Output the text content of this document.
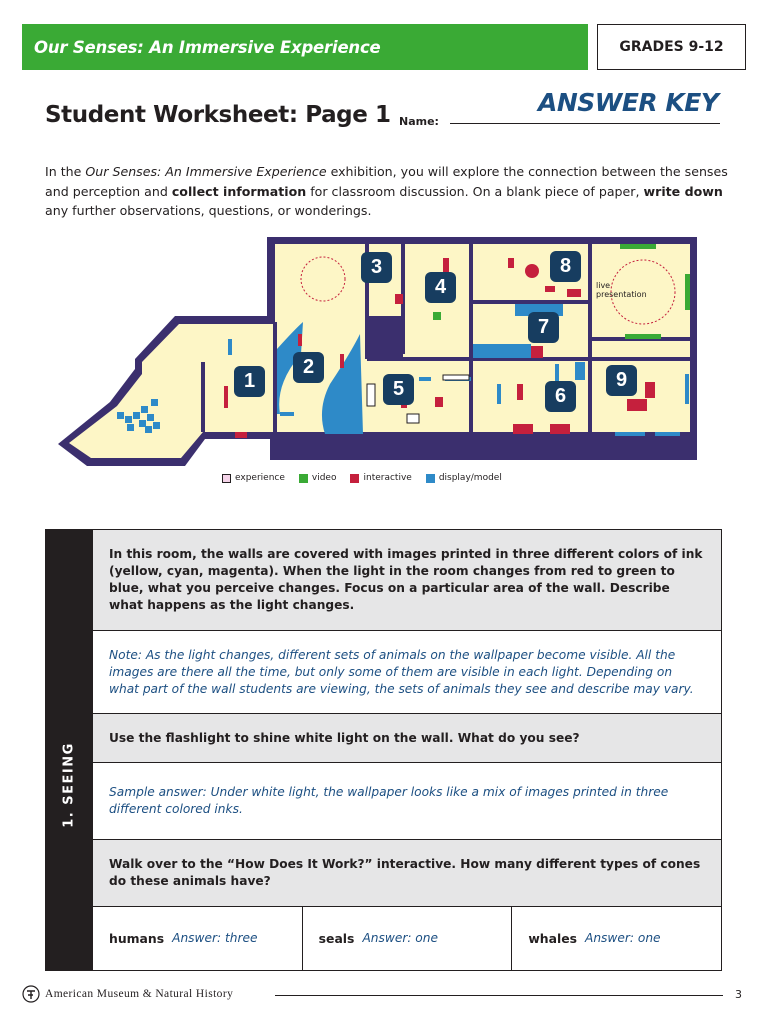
Our Senses: An Immersive Experience	GRADES 9-12
Student Worksheet: Page 1 Name:
ANSWER KEY
In the Our Senses: An Immersive Experience exhibition, you will explore the connection between the senses and perception and collect information for classroom discussion. On a blank piece of paper, write down any further observations, questions, or wonderings.
1
2
3
4
5	6
7
8
9
live
presentation
experience	video	interactive	display/model
1. SEEING
In this room, the walls are covered with images printed in three different colors of ink (yellow, cyan, magenta). When the light in the room changes from red to green to blue, what you perceive changes. Focus on a particular area of the wall. Describe what happens as the light changes.
Note: As the light changes, different sets of animals on the wallpaper become visible. All the images are there all the time, but only some of them are visible in each light. Depending on what part of the wall students are viewing, the sets of animals they see and describe may vary.
Use the flashlight to shine white light on the wall. What do you see?
Sample answer: Under white light, the wallpaper looks like a mix of images printed in three different colored inks.
Walk over to the “How Does It Work?” interactive. How many different types of cones do these animals have?
humans Answer: three	seals Answer: one	whales Answer: one
American Museum & Natural History	3
